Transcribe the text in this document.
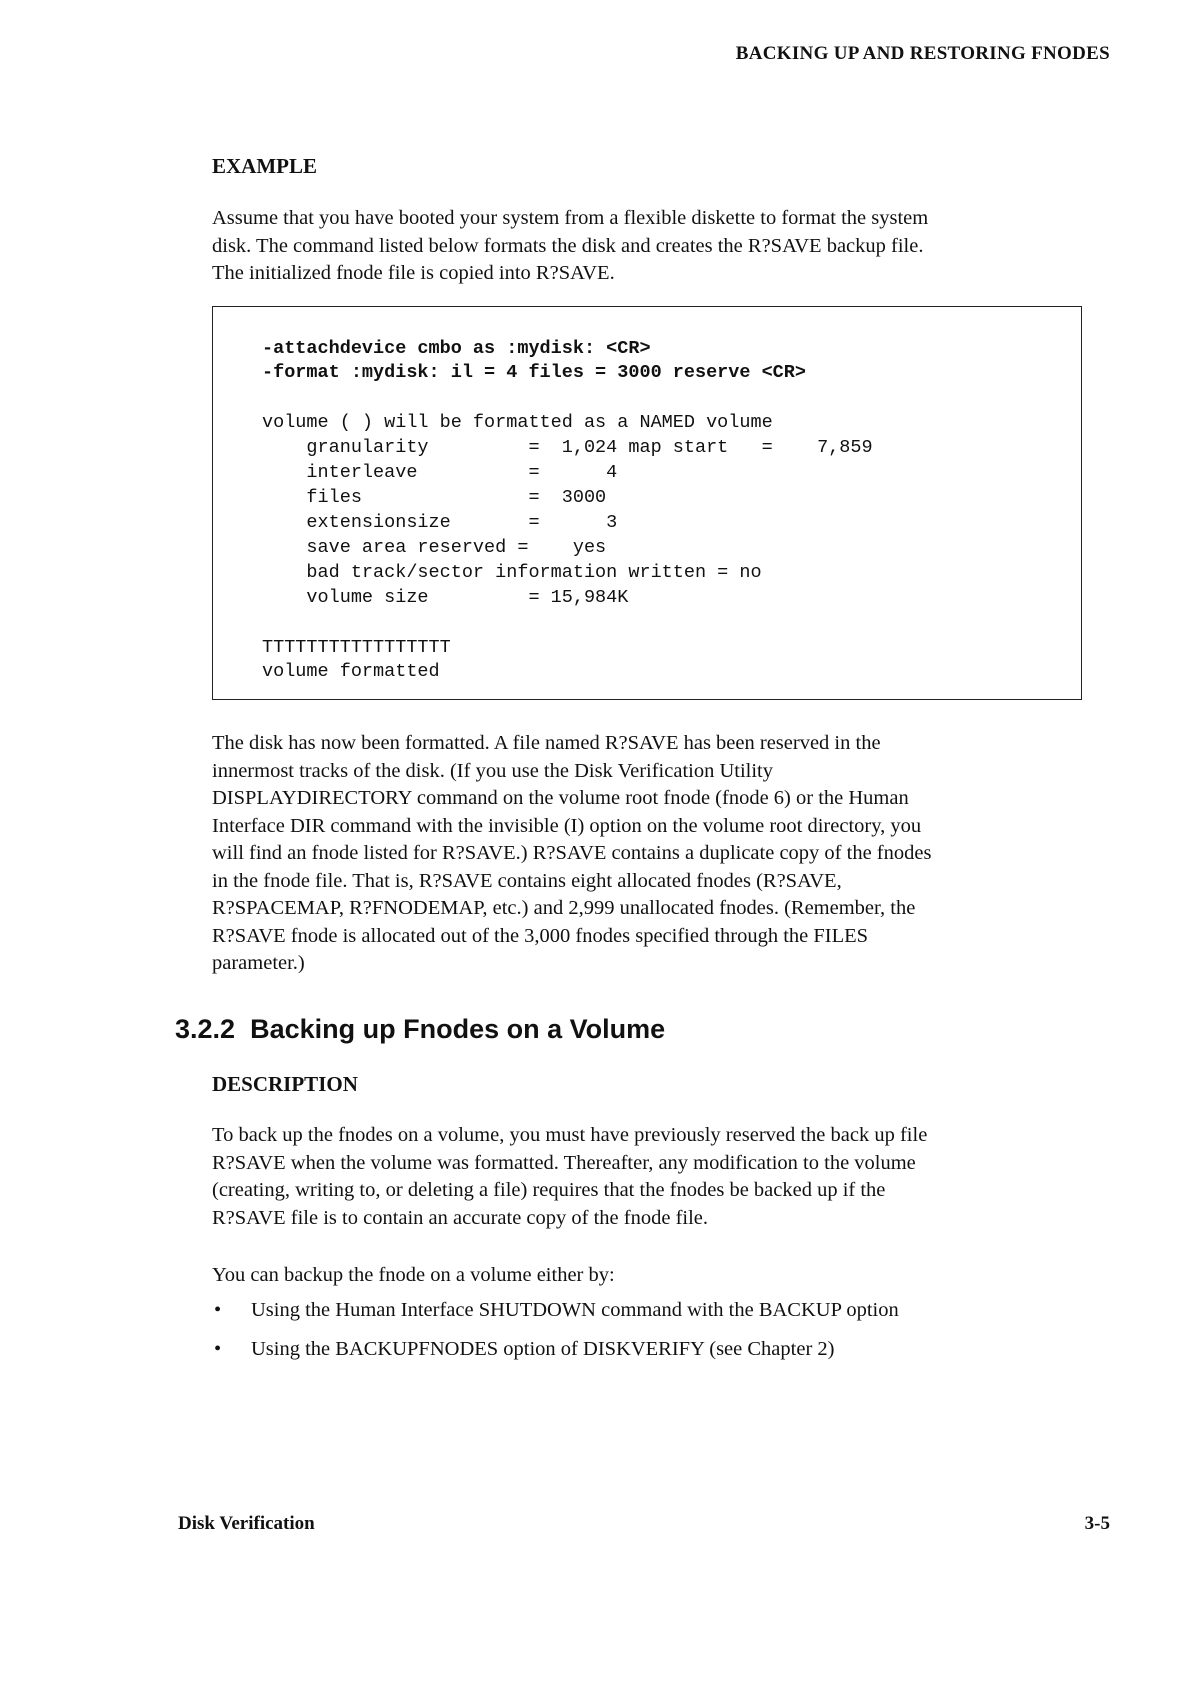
BACKING UP AND RESTORING FNODES
EXAMPLE

Assume that you have booted your system from a flexible diskette to format the system

disk. The command listed below formats the disk and creates the R?SAVE backup file.

The initialized fnode file is copied into R?SAVE.

-attachdevice cmbo as :mydisk: <CR>
-format :mydisk: il = 4 files = 3000 reserve <CR>
volume ( ) will be formatted as a NAMED volume
granularity         =  1,024 map start   =    7,859
interleave          =      4
files               =  3000
extensionsize       =      3
save area reserved =    yes
bad track/sector information written = no
volume size         = 15,984K
TTTTTTTTTTTTTTTTT
volume formatted

The disk has now been formatted. A file named R?SAVE has been reserved in the

innermost tracks of the disk. (If you use the Disk Verification Utility

DISPLAYDIRECTORY command on the volume root fnode (fnode 6) or the Human

Interface DIR command with the invisible (I) option on the volume root directory, you

will find an fnode listed for R?SAVE.) R?SAVE contains a duplicate copy of the fnodes

in the fnode file. That is, R?SAVE contains eight allocated fnodes (R?SAVE,

R?SPACEMAP, R?FNODEMAP, etc.) and 2,999 unallocated fnodes. (Remember, the

R?SAVE fnode is allocated out of the 3,000 fnodes specified through the FILES

parameter.)

3.2.2 Backing up Fnodes on a Volume
DESCRIPTION

To back up the fnodes on a volume, you must have previously reserved the back up file

R?SAVE when the volume was formatted. Thereafter, any modification to the volume

(creating, writing to, or deleting a file) requires that the fnodes be backed up if the

R?SAVE file is to contain an accurate copy of the fnode file.

You can backup the fnode on a volume either by:
• Using the Human Interface SHUTDOWN command with the BACKUP option
• Using the BACKUPFNODES option of DISKVERIFY (see Chapter 2)
Disk Verification	3-5
